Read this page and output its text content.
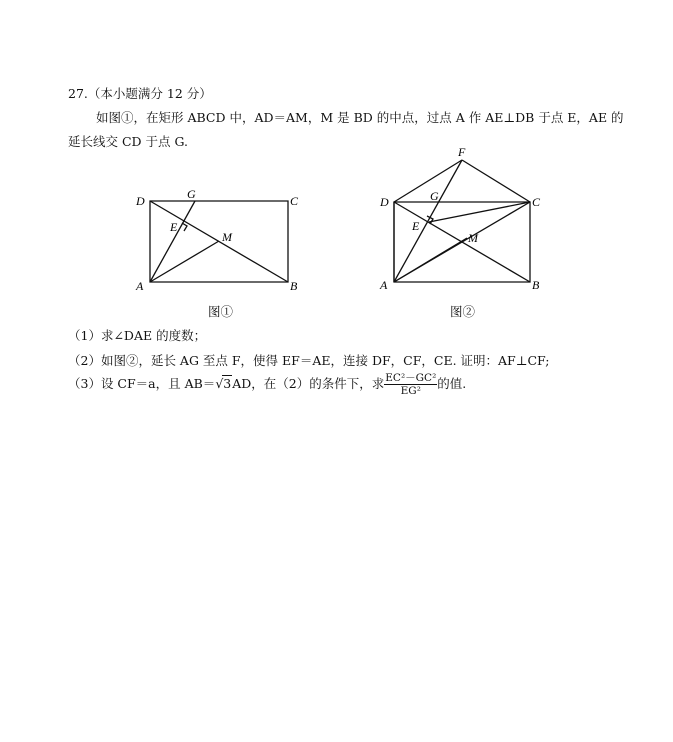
27.（本小题满分 12 分）
如图①，在矩形 ABCD 中，AD＝AM，M 是 BD 的中点，过点 A 作 AE⊥DB 于点 E，AE 的
延长线交 CD 于点 G.
D	C
B
A
G
E
M
图①
F
D	C
B
A
G
E
M
图②
（1）求∠DAE 的度数；
（2）如图②，延长 AG 至点 F，使得 EF＝AE，连接 DF，CF，CE. 证明：AF⊥CF;
（3）设 CF＝a，且 AB＝√3AD，在（2）的条件下，求 $\frac{\text{EC²－GC²}}{\text{EG²}}$ 的值.
